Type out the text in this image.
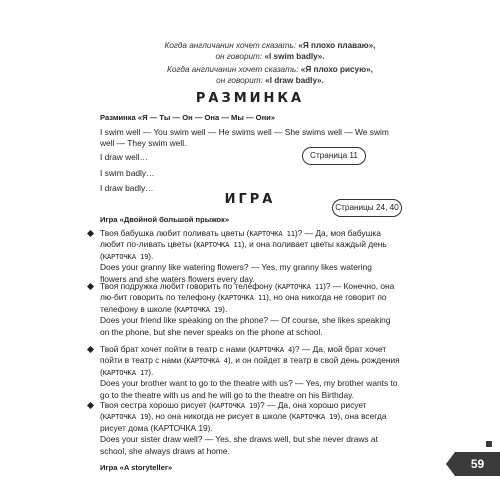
Когда англичанин хочет сказать: «Я плохо плаваю»,
он говорит: «I swim badly».
Когда англичанин хочет сказать: «Я плохо рисую»,
он говорит: «I draw badly».
РАЗМИНКА
Разминка «Я — Ты — Он — Она — Мы — Они»
I swim well — You swim well — He swims well — She swims well — We swim well — They swim well.
I draw well…
I swim badly…
I draw badly…
Страница 11
ИГРА
Страницы 24, 40
Игра «Двойной большой прыжок»
Твоя бабушка любит поливать цветы (КАРТОЧКА 11)? — Да, моя бабушка любит по-ливать цветы (КАРТОЧКА 11), и она поливает цветы каждый день (КАРТОЧКА 19).
Does your granny like watering flowers? — Yes, my granny likes watering flowers and she waters flowers every day.
Твоя подружка любит говорить по телефону (КАРТОЧКА 11)? — Конечно, она лю-бит говорить по телефону (КАРТОЧКА 11), но она никогда не говорит по телефону в школе (КАРТОЧКА 19).
Does your friend like speaking on the phone? — Of course, she likes speaking on the phone, but she never speaks on the phone at school.
Твой брат хочет пойти в театр с нами (КАРТОЧКА 4)? — Да, мой брат хочет пойти в театр с нами (КАРТОЧКА 4), и он пойдет в театр в свой день рождения (КАРТОЧКА 17).
Does your brother want to go to the theatre with us? — Yes, my brother wants to go to the theatre with us and he will go to the theatre on his Birthday.
Твоя сестра хорошо рисует (КАРТОЧКА 19)? — Да, она хорошо рисует (КАРТОЧКА 19), но она никогда не рисует в школе (КАРТОЧКА 19), она всегда рисует дома (КАРТОЧКА 19).
Does your sister draw well? — Yes, she draws well, but she never draws at school, she always draws at home.
Игра «A storyteller»	59
